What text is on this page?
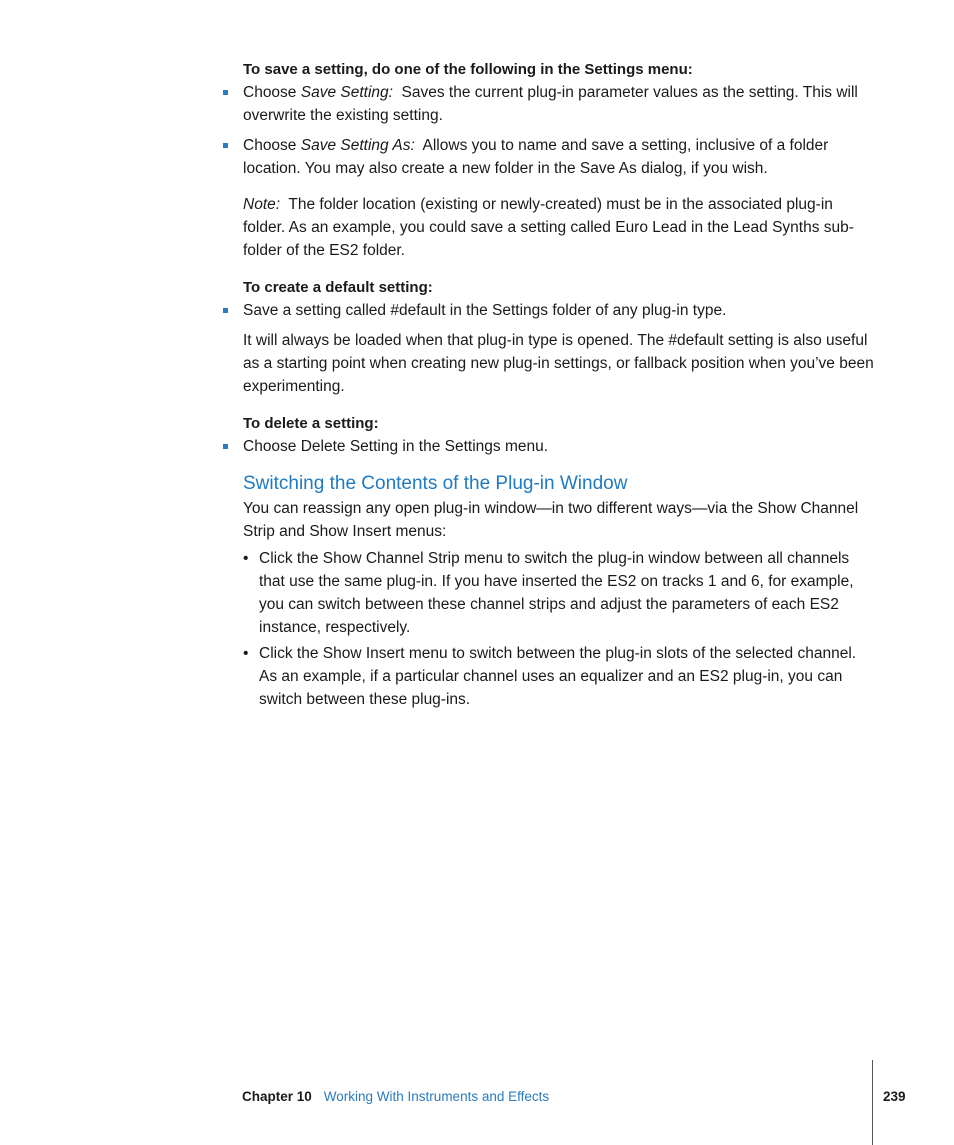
To save a setting, do one of the following in the Settings menu:

Choose Save Setting:  Saves the current plug-in parameter values as the setting. This will overwrite the existing setting.
Choose Save Setting As:  Allows you to name and save a setting, inclusive of a folder location. You may also create a new folder in the Save As dialog, if you wish.

Note:  The folder location (existing or newly-created) must be in the associated plug-in folder. As an example, you could save a setting called Euro Lead in the Lead Synths sub-folder of the ES2 folder.

To create a default setting:

Save a setting called #default in the Settings folder of any plug-in type.

It will always be loaded when that plug-in type is opened. The #default setting is also useful as a starting point when creating new plug-in settings, or fallback position when you’ve been experimenting.

To delete a setting:

Choose Delete Setting in the Settings menu.
Switching the Contents of the Plug-in Window

You can reassign any open plug-in window—in two different ways—via the Show Channel Strip and Show Insert menus:

• Click the Show Channel Strip menu to switch the plug-in window between all channels that use the same plug-in. If you have inserted the ES2 on tracks 1 and 6, for example, you can switch between these channel strips and adjust the parameters of each ES2 instance, respectively.
• Click the Show Insert menu to switch between the plug-in slots of the selected channel. As an example, if a particular channel uses an equalizer and an ES2 plug-in, you can switch between these plug-ins.
Chapter 10 Working With Instruments and Effects	239
